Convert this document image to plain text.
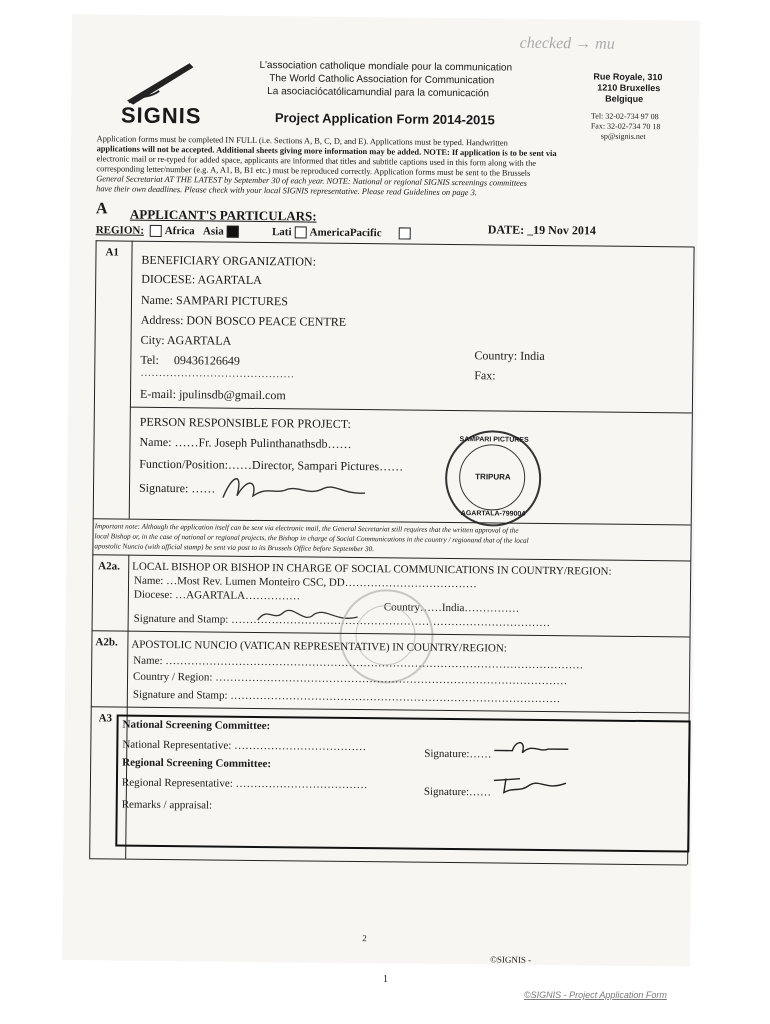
SIGNIS
L'association catholique mondiale pour la communication
The World Catholic Association for Communication
La asociaciócatólicamundial para la comunicación
Project Application Form 2014-2015
Rue Royale, 310
1210 Bruxelles
Belgique
Tel: 32-02-734 97 08
Fax: 32-02-734 70 18
sp@signis.net
checked → mu
Application forms must be completed IN FULL (i.e. Sections A, B, C, D, and E). Applications must be typed. Handwritten
applications will not be accepted. Additional sheets giving more information may be added. NOTE: If application is to be sent via
electronic mail or re-typed for added space, applicants are informed that titles and subtitle captions used in this form along with the
corresponding letter/number (e.g. A, A1, B, B1 etc.) must be reproduced correctly. Application forms must be sent to the Brussels
General Secretariat AT THE LATEST by September 30 of each year. NOTE: National or regional SIGNIS screenings committees
have their own deadlines. Please check with your local SIGNIS representative. Please read Guidelines on page 3.
A APPLICANT'S PARTICULARS:
REGION: Africa Asia	Lati AmericaPacific	DATE: _19 Nov 2014
A1
BENEFICIARY ORGANIZATION:
DIOCESE: AGARTALA
Name: SAMPARI PICTURES
Address: DON BOSCO PEACE CENTRE
City: AGARTALA
Tel: 09436126649	Country: India
Fax:
……………………………………
E-mail: jpulinsdb@gmail.com
PERSON RESPONSIBLE FOR PROJECT:
Name: ……Fr. Joseph Pulinthanathsdb……
Function/Position:……Director, Sampari Pictures……
Signature: ……
SAMPARI PICTURES
TRIPURA
AGARTALA-799004
Important note: Although the application itself can be sent via electronic mail, the General Secretariat still requires that the written approval of the
local Bishop or, in the case of national or regional projects, the Bishop in charge of Social Communications in the country / regionand that of the local
apostolic Nuncio (with official stamp) be sent via post to its Brussels Office before September 30.
A2a. LOCAL BISHOP OR BISHOP IN CHARGE OF SOCIAL COMMUNICATIONS IN COUNTRY/REGION:
Name: …Most Rev. Lumen Monteiro CSC, DD………………………………
Diocese: …AGARTALA……………
Country……India……………
Signature and Stamp: ……………………………………………………………………………
A2b. APOSTOLIC NUNCIO (VATICAN REPRESENTATIVE) IN COUNTRY/REGION:
Name: ……………………………………………………………………………………………………
Country / Region: ……………………………………………………………………………………
Signature and Stamp: ………………………………………………………………………………
A3
National Screening Committee:
National Representative: ………………………………
Signature:……
Regional Screening Committee:
Regional Representative: ………………………………
Signature:……
Remarks / appraisal:
2
©SIGNIS -
1
©SIGNIS - Project Application Form
